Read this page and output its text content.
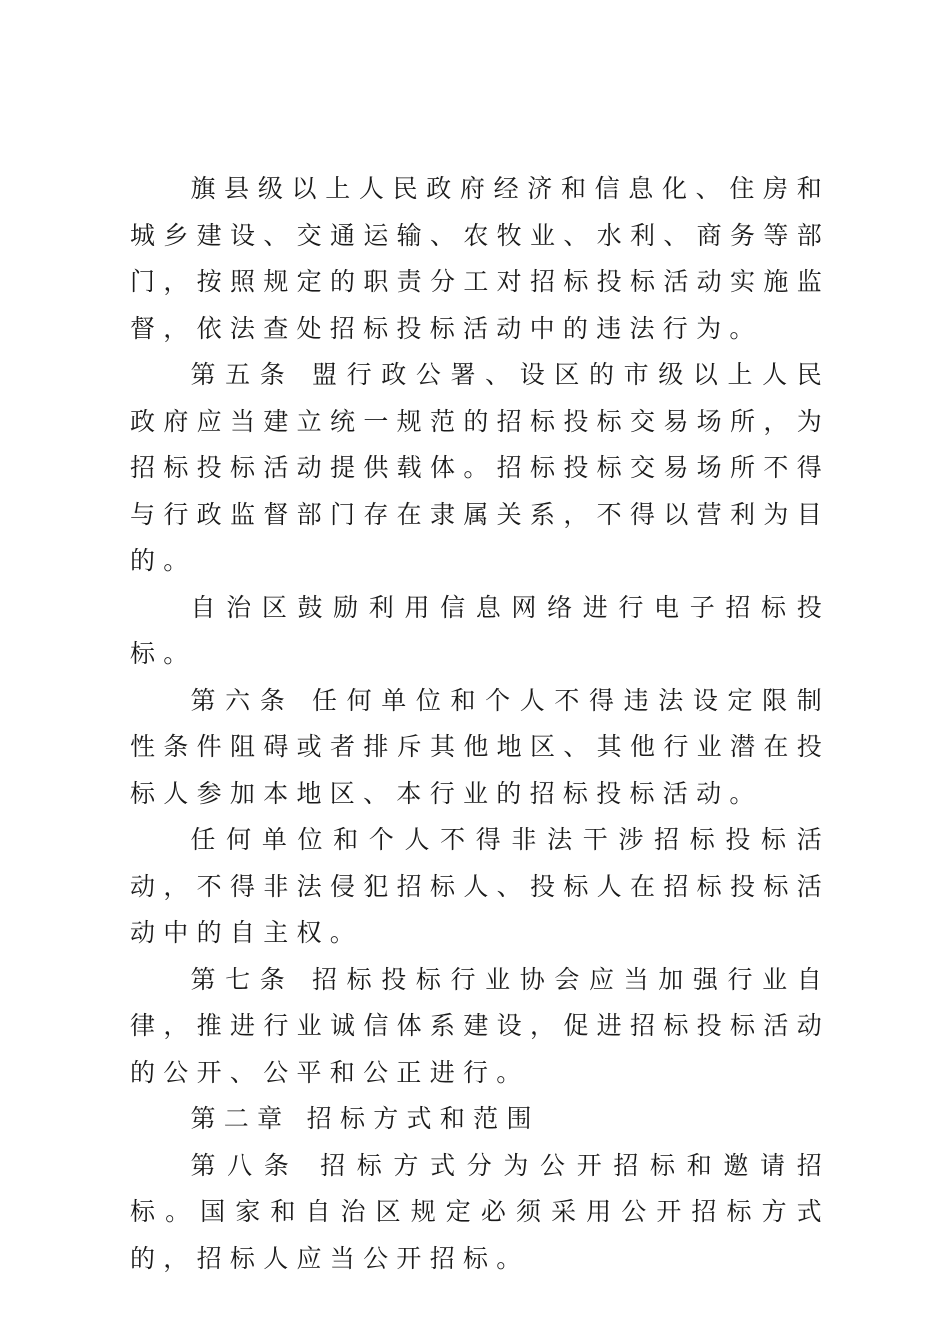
旗县级以上人民政府经济和信息化、住房和城乡建设、交通运输、农牧业、水利、商务等部门，按照规定的职责分工对招标投标活动实施监督，依法查处招标投标活动中的违法行为。

第五条 盟行政公署、设区的市级以上人民政府应当建立统一规范的招标投标交易场所，为招标投标活动提供载体。招标投标交易场所不得与行政监督部门存在隶属关系，不得以营利为目的。

自治区鼓励利用信息网络进行电子招标投标。

第六条 任何单位和个人不得违法设定限制性条件阻碍或者排斥其他地区、其他行业潜在投标人参加本地区、本行业的招标投标活动。

任何单位和个人不得非法干涉招标投标活动，不得非法侵犯招标人、投标人在招标投标活动中的自主权。

第七条 招标投标行业协会应当加强行业自律，推进行业诚信体系建设，促进招标投标活动的公开、公平和公正进行。

第二章 招标方式和范围

第八条 招标方式分为公开招标和邀请招标。国家和自治区规定必须采用公开招标方式的，招标人应当公开招标。
